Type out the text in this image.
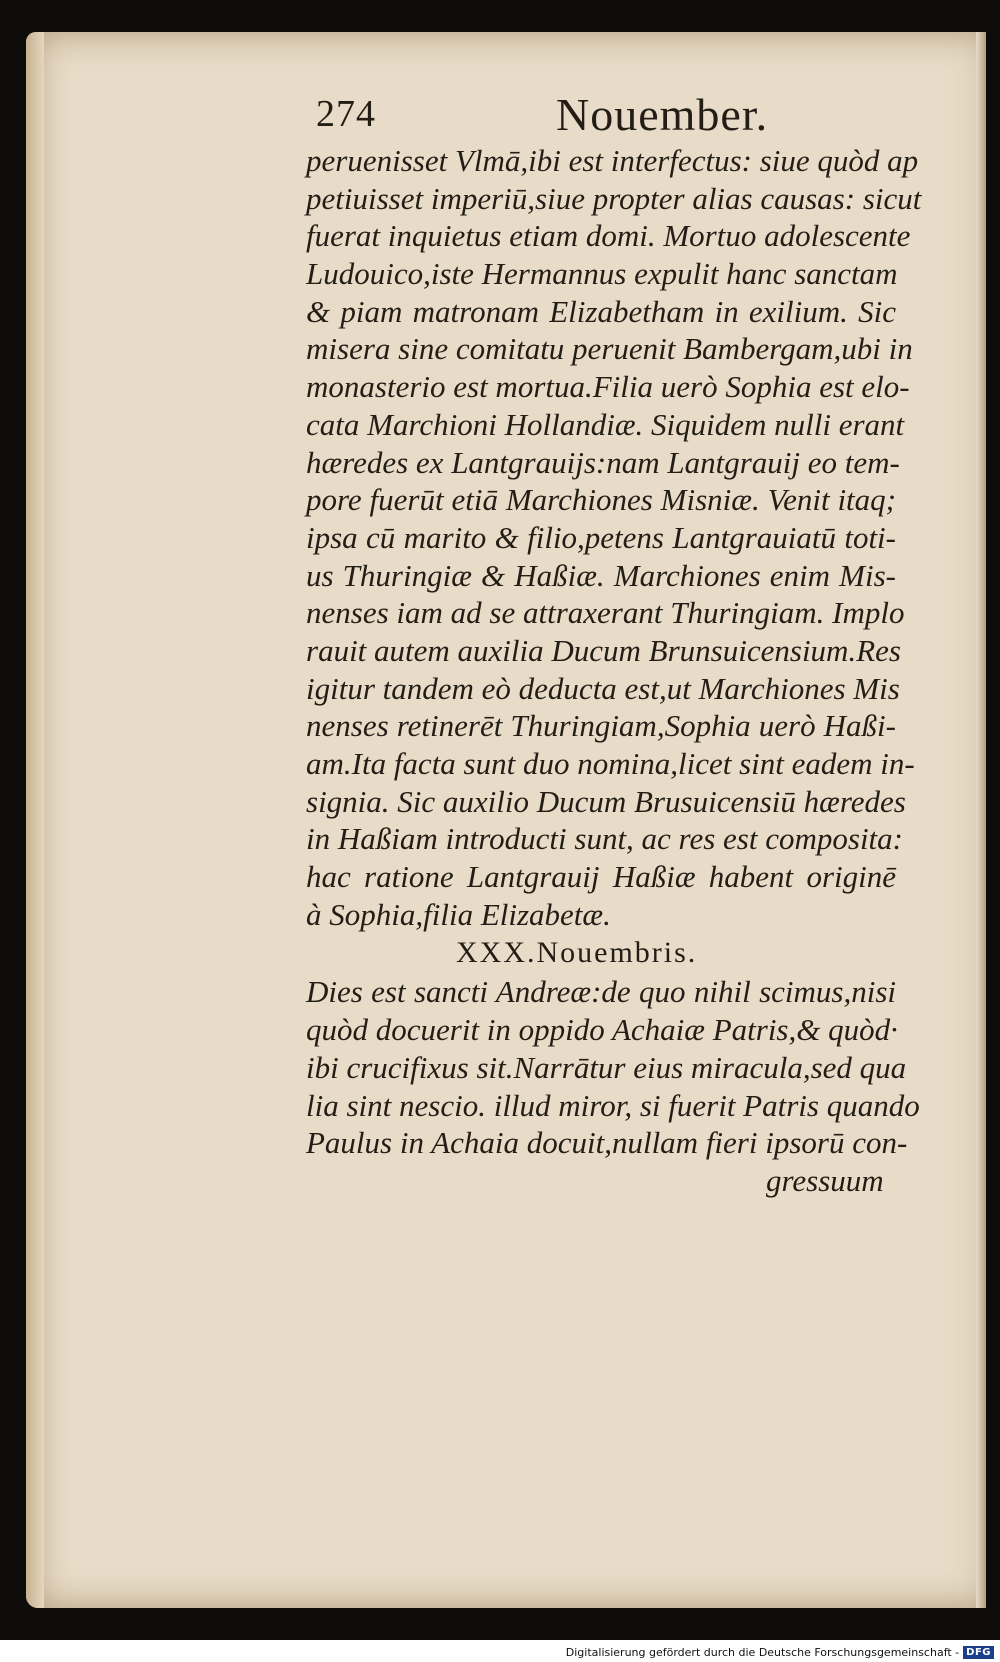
274	Nouember.
peruenisset Vlmā,ibi est interfectus: siue quòd ap
petiuisset imperiū,siue propter alias causas: sicut
fuerat inquietus etiam domi. Mortuo adolescente
Ludouico,iste Hermannus expulit hanc sanctam
& piam matronam Elizabetham in exilium. Sic
misera sine comitatu peruenit Bambergam,ubi in
monasterio est mortua.Filia uerò Sophia est elo-
cata Marchioni Hollandiæ. Siquidem nulli erant
hæredes ex Lantgrauijs:nam Lantgrauij eo tem-
pore fuerūt etiā Marchiones Misniæ. Venit itaq;
ipsa cū marito & filio,petens Lantgrauiatū toti-
us Thuringiæ & Haßiæ. Marchiones enim Mis-
nenses iam ad se attraxerant Thuringiam. Implo
rauit autem auxilia Ducum Brunsuicensium.Res
igitur tandem eò deducta est,ut Marchiones Mis
nenses retinerēt Thuringiam,Sophia uerò Haßi-
am.Ita facta sunt duo nomina,licet sint eadem in-
signia. Sic auxilio Ducum Brusuicensiū hæredes
in Haßiam introducti sunt, ac res est composita:
hac ratione Lantgrauij Haßiæ habent originē
à Sophia,filia Elizabetæ.
XXX.Nouembris.
Dies est sancti Andreæ:de quo nihil scimus,nisi
quòd docuerit in oppido Achaiæ Patris,& quòd·
ibi crucifixus sit.Narrātur eius miracula,sed qua
lia sint nescio. illud miror, si fuerit Patris quando
Paulus in Achaia docuit,nullam fieri ipsorū con-
gressuum
Digitalisierung gefördert durch die Deutsche Forschungsgemeinschaft - DFG
